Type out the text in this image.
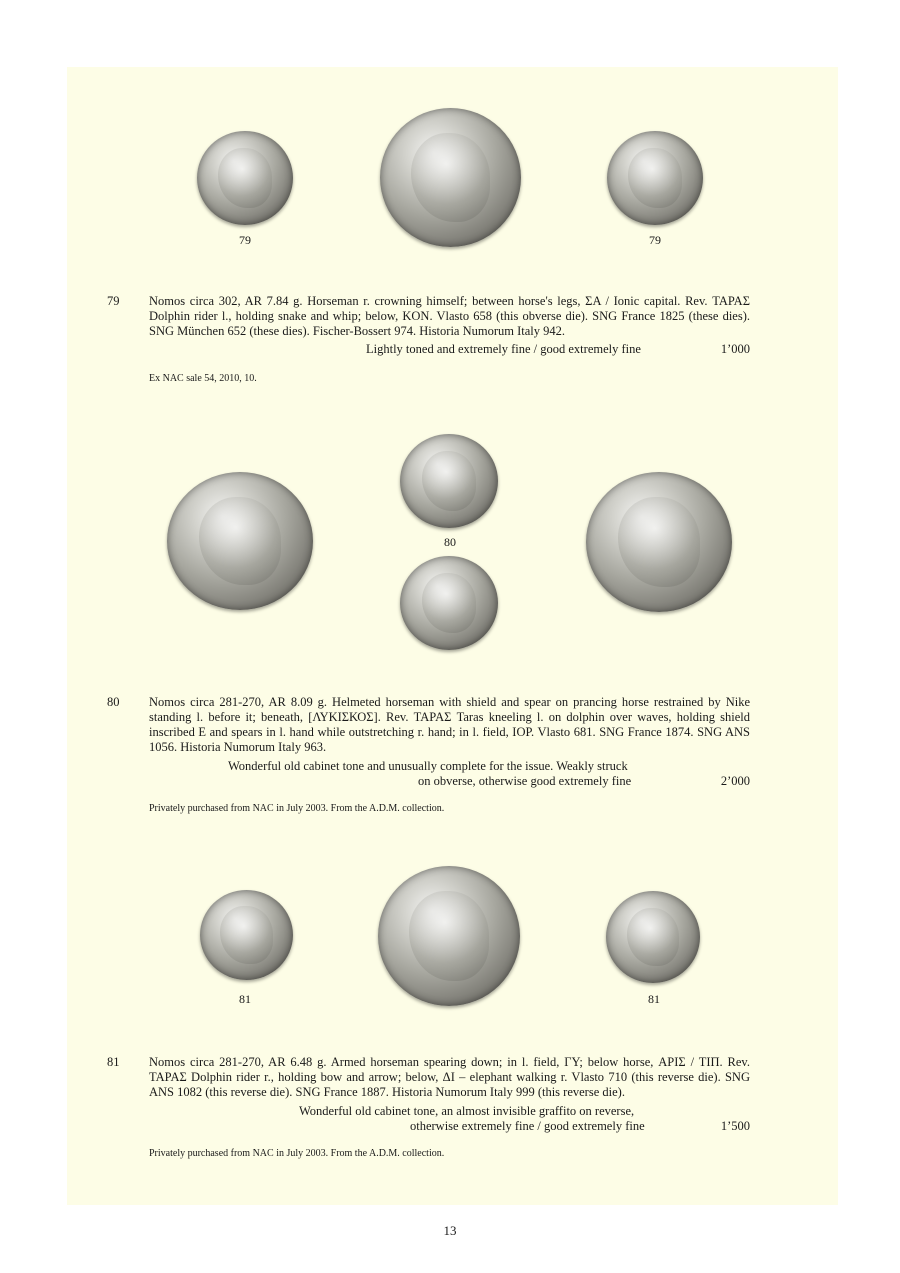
79	79
79 Nomos circa 302, AR 7.84 g. Horseman r. crowning himself; between horse's legs, ΣΑ / Ionic capital. Rev. ΤΑΡΑΣ Dolphin rider l., holding snake and whip; below, KON. Vlasto 658 (this obverse die). SNG France 1825 (these dies). SNG München 652 (these dies). Fischer-Bossert 974. Historia Numorum Italy 942.
Lightly toned and extremely fine / good extremely fine	1’000
Ex NAC sale 54, 2010, 10.
80
80 Nomos circa 281-270, AR 8.09 g. Helmeted horseman with shield and spear on prancing horse restrained by Nike standing l. before it; beneath, [ΛΥΚΙΣΚΟΣ]. Rev. ΤΑΡΑΣ Taras kneeling l. on dolphin over waves, holding shield inscribed E and spears in l. hand while outstretching r. hand; in l. field, IOP. Vlasto 681. SNG France 1874. SNG ANS 1056. Historia Numorum Italy 963.
Wonderful old cabinet tone and unusually complete for the issue. Weakly struck
on obverse, otherwise good extremely fine	2’000
Privately purchased from NAC in July 2003. From the A.D.M. collection.
81	81
81 Nomos circa 281-270, AR 6.48 g. Armed horseman spearing down; in l. field, ΓΥ; below horse, ΑΡΙΣ / ΤΙΠ. Rev. ΤΑΡΑΣ Dolphin rider r., holding bow and arrow; below, ΔΙ – elephant walking r. Vlasto 710 (this reverse die). SNG ANS 1082 (this reverse die). SNG France 1887. Historia Numorum Italy 999 (this reverse die).
Wonderful old cabinet tone, an almost invisible graffito on reverse,
otherwise extremely fine / good extremely fine	1’500
Privately purchased from NAC in July 2003. From the A.D.M. collection.
13
